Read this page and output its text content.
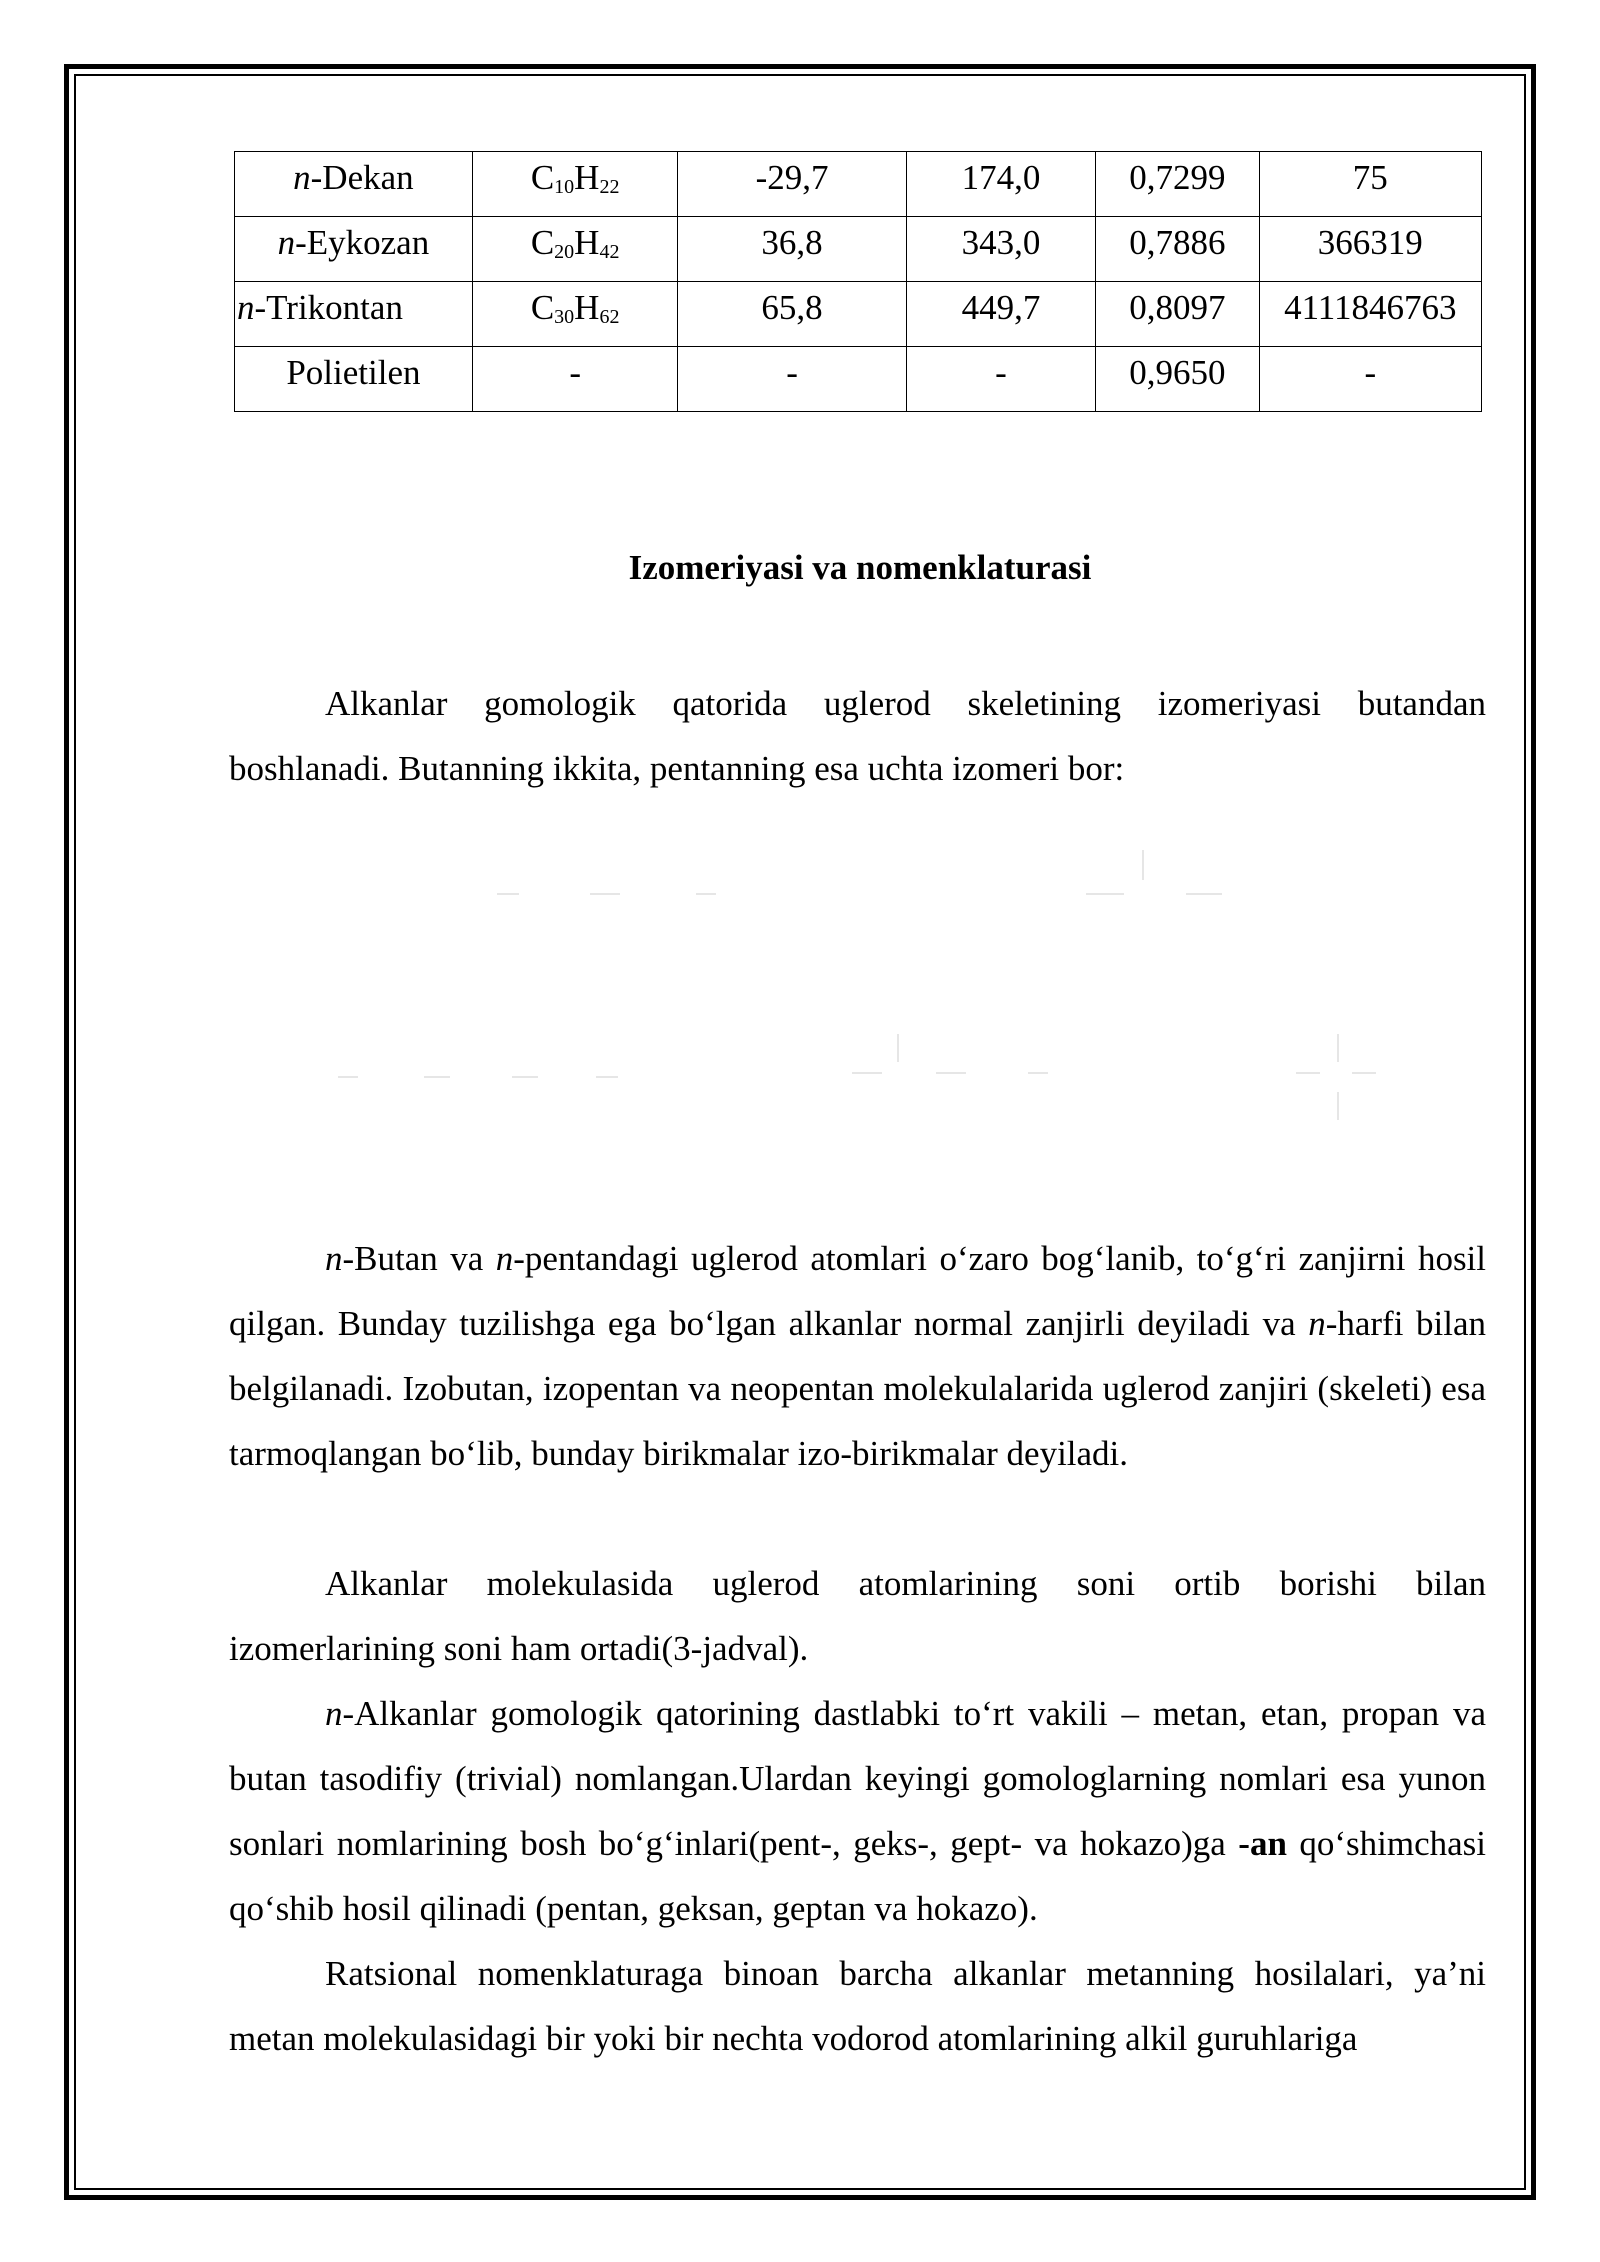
n-Dekan	$C_{10}H_{22}$	-29,7	174,0	0,7299	75
n-Eykozan	$C_{20}H_{42}$	36,8	343,0	0,7886	366319
n-Trikontan	$C_{30}H_{62}$	65,8	449,7	0,8097	4111846763
Polietilen	-	-	-	0,9650	-
Izomeriyasi va nomenklaturasi

Alkanlar gomologik qatorida uglerod skeletining izomeriyasi butandan boshlanadi. Butanning ikkita, pentanning esa uchta izomeri bor:

n-Butan va n-pentandagi uglerod atomlari o‘zaro bog‘lanib, to‘g‘ri zanjirni hosil qilgan. Bunday tuzilishga ega bo‘lgan alkanlar normal zanjirli deyiladi va n-harfi bilan belgilanadi. Izobutan, izopentan va neopentan molekulalarida uglerod zanjiri (skeleti) esa tarmoqlangan bo‘lib, bunday birikmalar izo-birikmalar deyiladi.

Alkanlar molekulasida uglerod atomlarining soni ortib borishi bilan izomerlarining soni ham ortadi(3-jadval).

n-Alkanlar gomologik qatorining dastlabki to‘rt vakili – metan, etan, propan va butan tasodifiy (trivial) nomlangan.Ulardan keyingi gomologlarning nomlari esa yunon sonlari nomlarining bosh bo‘g‘inlari(pent-, geks-, gept- va hokazo)ga -an qo‘shimchasi qo‘shib hosil qilinadi (pentan, geksan, geptan va hokazo).

Ratsional nomenklaturaga binoan barcha alkanlar metanning hosilalari, ya’ni metan molekulasidagi bir yoki bir nechta vodorod atomlarining alkil guruhlariga
